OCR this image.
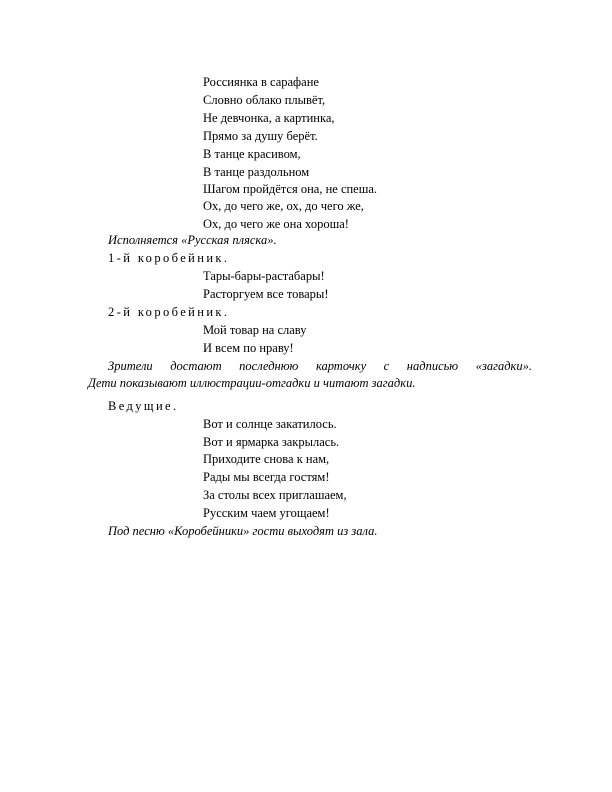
Россиянка в сарафане
Словно облако плывёт,
Не девчонка, а картинка,
Прямо за душу берёт.
В танце красивом,
В танце раздольном
Шагом пройдётся она, не спеша.
Ох, до чего же, ох, до чего же,
Ох, до чего же она хороша!
Исполняется «Русская пляска».
1-й коробейник.
Тары-бары-растабары!
Расторгуем все товары!
2-й коробейник.
Мой товар на славу
И всем по нраву!
Зрители достают последнюю карточку с надписью «загадки».
Дети показывают иллюстрации-отгадки и читают загадки.
Ведущие.
Вот и солнце закатилось.
Вот и ярмарка закрылась.
Приходите снова к нам,
Рады мы всегда гостям!
За столы всех приглашаем,
Русским чаем угощаем!
Под песню «Коробейники» гости выходят из зала.
